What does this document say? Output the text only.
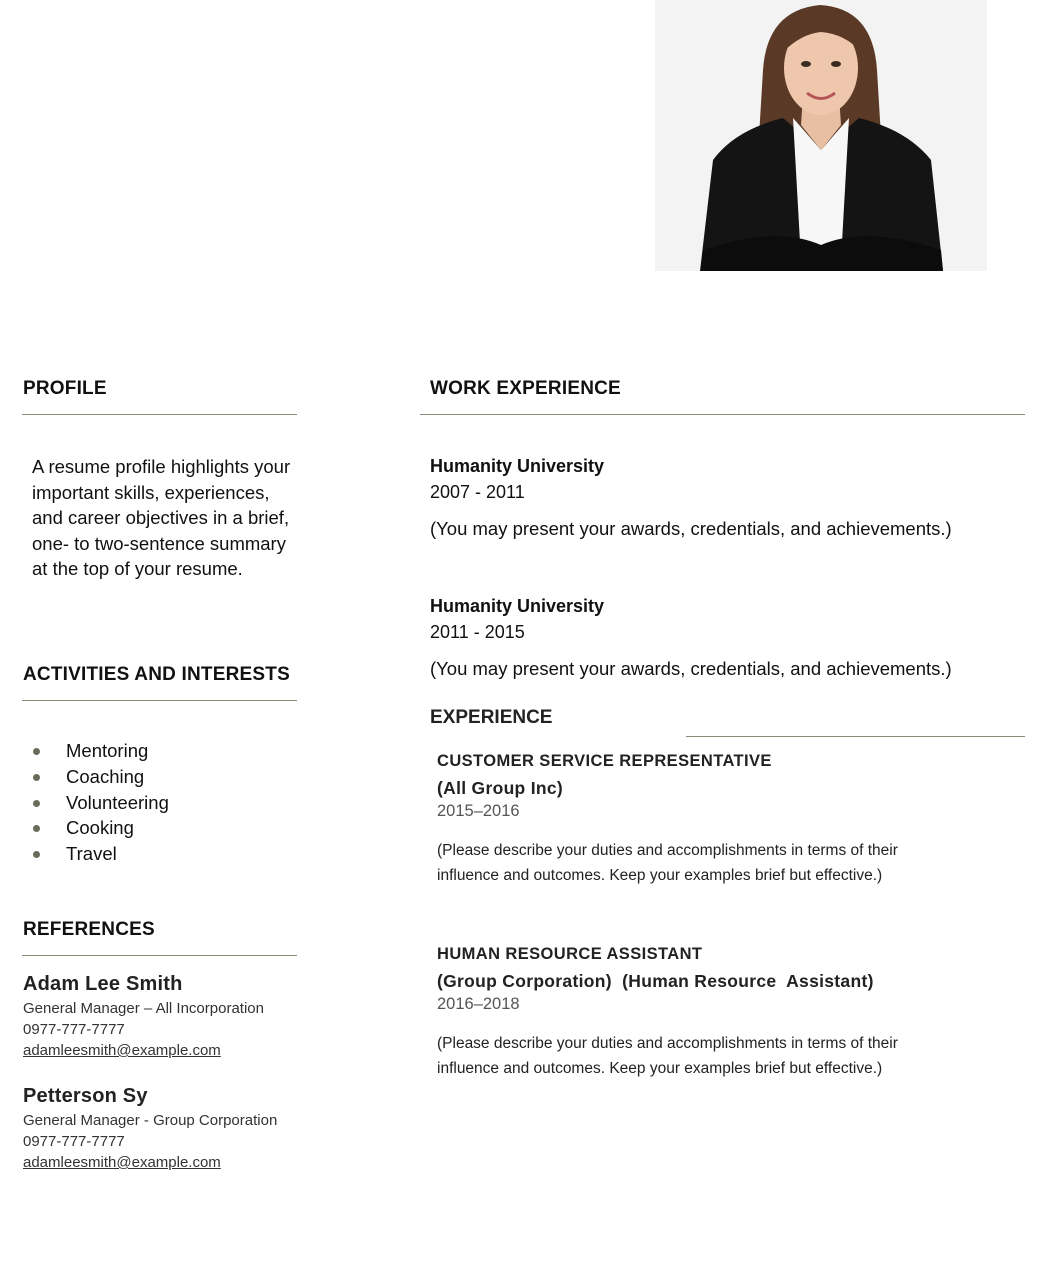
PROFILE
A resume profile highlights your important skills, experiences, and career objectives in a brief, one- to two-sentence summary at the top of your resume.
ACTIVITIES AND INTERESTS
Mentoring
Coaching
Volunteering
Cooking
Travel
REFERENCES
Adam Lee Smith
General Manager – All Incorporation
0977-777-7777
adamleesmith@example.com
Petterson Sy
General Manager - Group Corporation
0977-777-7777
adamleesmith@example.com
WORK EXPERIENCE
Humanity University
2007 - 2011
(You may present your awards, credentials, and achievements.)
Humanity University
2011 - 2015
(You may present your awards, credentials, and achievements.)
EXPERIENCE
CUSTOMER SERVICE REPRESENTATIVE
(All Group Inc)
2015–2016
(Please describe your duties and accomplishments in terms of their
influence and outcomes. Keep your examples brief but effective.)
HUMAN RESOURCE ASSISTANT
(Group Corporation)  (Human Resource  Assistant)
2016–2018
(Please describe your duties and accomplishments in terms of their
influence and outcomes. Keep your examples brief but effective.)
